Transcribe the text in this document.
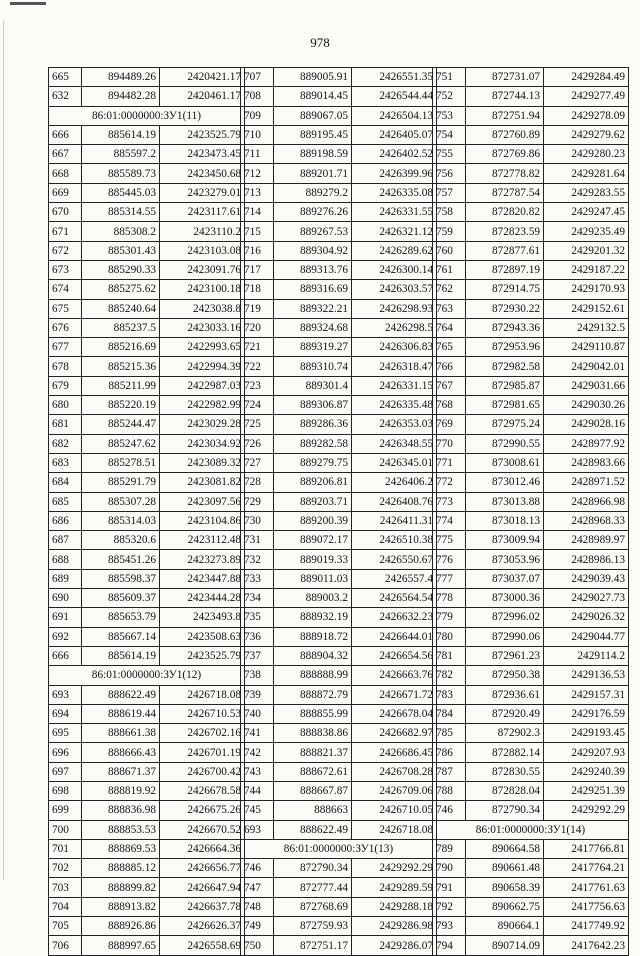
978
665	894489.26	2420421.17
632	894482.28	2420461.17
86:01:0000000:ЗУ1(11)		
666	885614.19	2423525.79
667	885597.2	2423473.45
668	885589.73	2423450.68
669	885445.03	2423279.01
670	885314.55	2423117.61
671	885308.2	2423110.2
672	885301.43	2423103.08
673	885290.33	2423091.76
674	885275.62	2423100.18
675	885240.64	2423038.8
676	885237.5	2423033.16
677	885216.69	2422993.65
678	885215.36	2422994.39
679	885211.99	2422987.03
680	885220.19	2422982.99
681	885244.47	2423029.28
682	885247.62	2423034.92
683	885278.51	2423089.32
684	885291.79	2423081.82
685	885307.28	2423097.56
686	885314.03	2423104.86
687	885320.6	2423112.48
688	885451.26	2423273.89
689	885598.37	2423447.88
690	885609.37	2423444.28
691	885653.79	2423493.8
692	885667.14	2423508.63
666	885614.19	2423525.79
86:01:0000000:ЗУ1(12)		
693	888622.49	2426718.08
694	888619.44	2426710.53
695	888661.38	2426702.16
696	888666.43	2426701.19
697	888671.37	2426700.42
698	888819.92	2426678.58
699	888836.98	2426675.26
700	888853.53	2426670.52
701	888869.53	2426664.36
702	888885.12	2426656.77
703	888899.82	2426647.94
704	888913.82	2426637.78
705	888926.86	2426626.37
706	888997.65	2426558.69
707	889005.91	2426551.35
708	889014.45	2426544.44
709	889067.05	2426504.13
710	889195.45	2426405.07
711	889198.59	2426402.52
712	889201.71	2426399.96
713	889279.2	2426335.08
714	889276.26	2426331.55
715	889267.53	2426321.12
716	889304.92	2426289.62
717	889313.76	2426300.14
718	889316.69	2426303.57
719	889322.21	2426298.93
720	889324.68	2426298.5
721	889319.27	2426306.83
722	889310.74	2426318.47
723	889301.4	2426331.15
724	889306.87	2426335.48
725	889286.36	2426353.03
726	889282.58	2426348.55
727	889279.75	2426345.01
728	889206.81	2426406.2
729	889203.71	2426408.76
730	889200.39	2426411.31
731	889072.17	2426510.38
732	889019.33	2426550.67
733	889011.03	2426557.4
734	889003.2	2426564.54
735	888932.19	2426632.23
736	888918.72	2426644.01
737	888904.32	2426654.56
738	888888.99	2426663.76
739	888872.79	2426671.72
740	888855.99	2426678.04
741	888838.86	2426682.97
742	888821.37	2426686.45
743	888672.61	2426708.28
744	888667.87	2426709.06
745	888663	2426710.05
693	888622.49	2426718.08
86:01:0000000:ЗУ1(13)		
746	872790.34	2429292.29
747	872777.44	2429289.59
748	872768.69	2429288.18
749	872759.93	2429286.98
750	872751.17	2429286.07
751	872731.07	2429284.49
752	872744.13	2429277.49
753	872751.94	2429278.09
754	872760.89	2429279.62
755	872769.86	2429280.23
756	872778.82	2429281.64
757	872787.54	2429283.55
758	872820.82	2429247.45
759	872823.59	2429235.49
760	872877.61	2429201.32
761	872897.19	2429187.22
762	872914.75	2429170.93
763	872930.22	2429152.61
764	872943.36	2429132.5
765	872953.96	2429110.87
766	872982.58	2429042.01
767	872985.87	2429031.66
768	872981.65	2429030.26
769	872975.24	2429028.16
770	872990.55	2428977.92
771	873008.61	2428983.66
772	873012.46	2428971.52
773	873013.88	2428966.98
774	873018.13	2428968.33
775	873009.94	2428989.97
776	873053.96	2428986.13
777	873037.07	2429039.43
778	873000.36	2429027.73
779	872996.02	2429026.32
780	872990.06	2429044.77
781	872961.23	2429114.2
782	872950.38	2429136.53
783	872936.61	2429157.31
784	872920.49	2429176.59
785	872902.3	2429193.45
786	872882.14	2429207.93
787	872830.55	2429240.39
788	872828.04	2429251.39
746	872790.34	2429292.29
86:01:0000000:ЗУ1(14)		
789	890664.58	2417766.81
790	890661.48	2417764.21
791	890658.39	2417761.63
792	890662.75	2417756.63
793	890664.1	2417749.92
794	890714.09	2417642.23
